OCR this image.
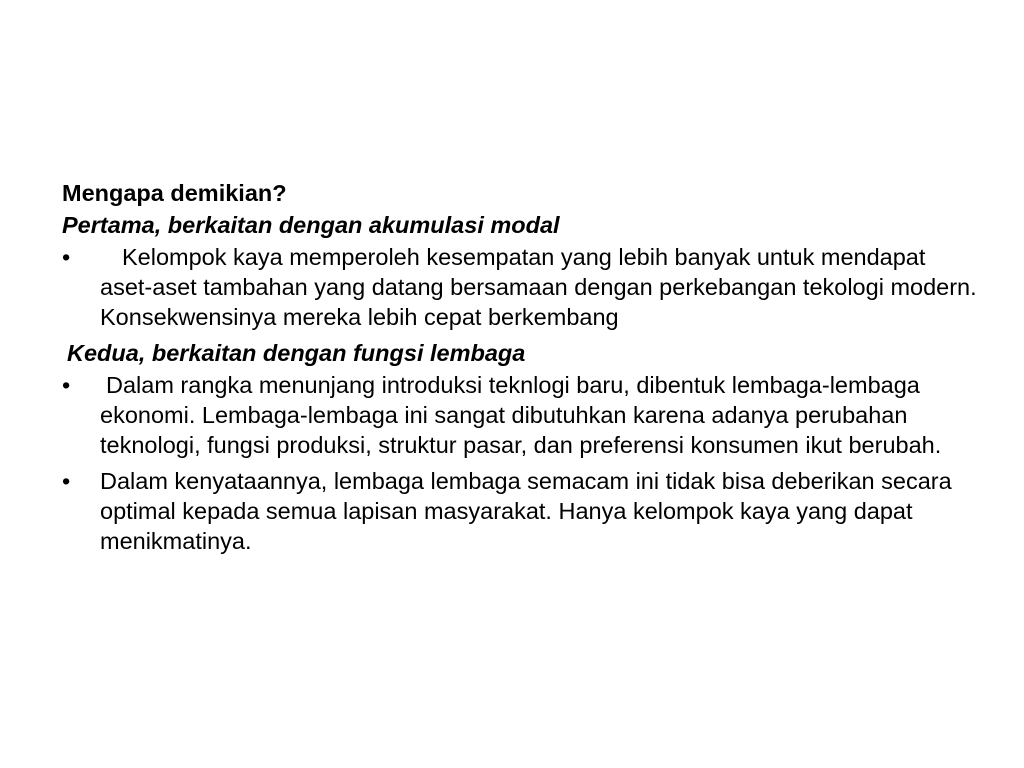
Mengapa demikian?
Pertama, berkaitan dengan akumulasi modal
•	Kelompok kaya memperoleh kesempatan yang lebih banyak untuk mendapat aset-aset tambahan yang datang bersamaan dengan perkebangan tekologi modern. Konsekwensinya mereka lebih cepat berkembang
Kedua, berkaitan dengan fungsi lembaga
•	Dalam rangka menunjang introduksi teknlogi baru, dibentuk lembaga-lembaga ekonomi. Lembaga-lembaga ini sangat dibutuhkan karena adanya perubahan teknologi, fungsi produksi, struktur pasar, dan preferensi konsumen ikut berubah.
•	Dalam kenyataannya, lembaga lembaga semacam ini tidak bisa deberikan secara optimal kepada semua lapisan masyarakat. Hanya kelompok kaya yang dapat menikmatinya.
